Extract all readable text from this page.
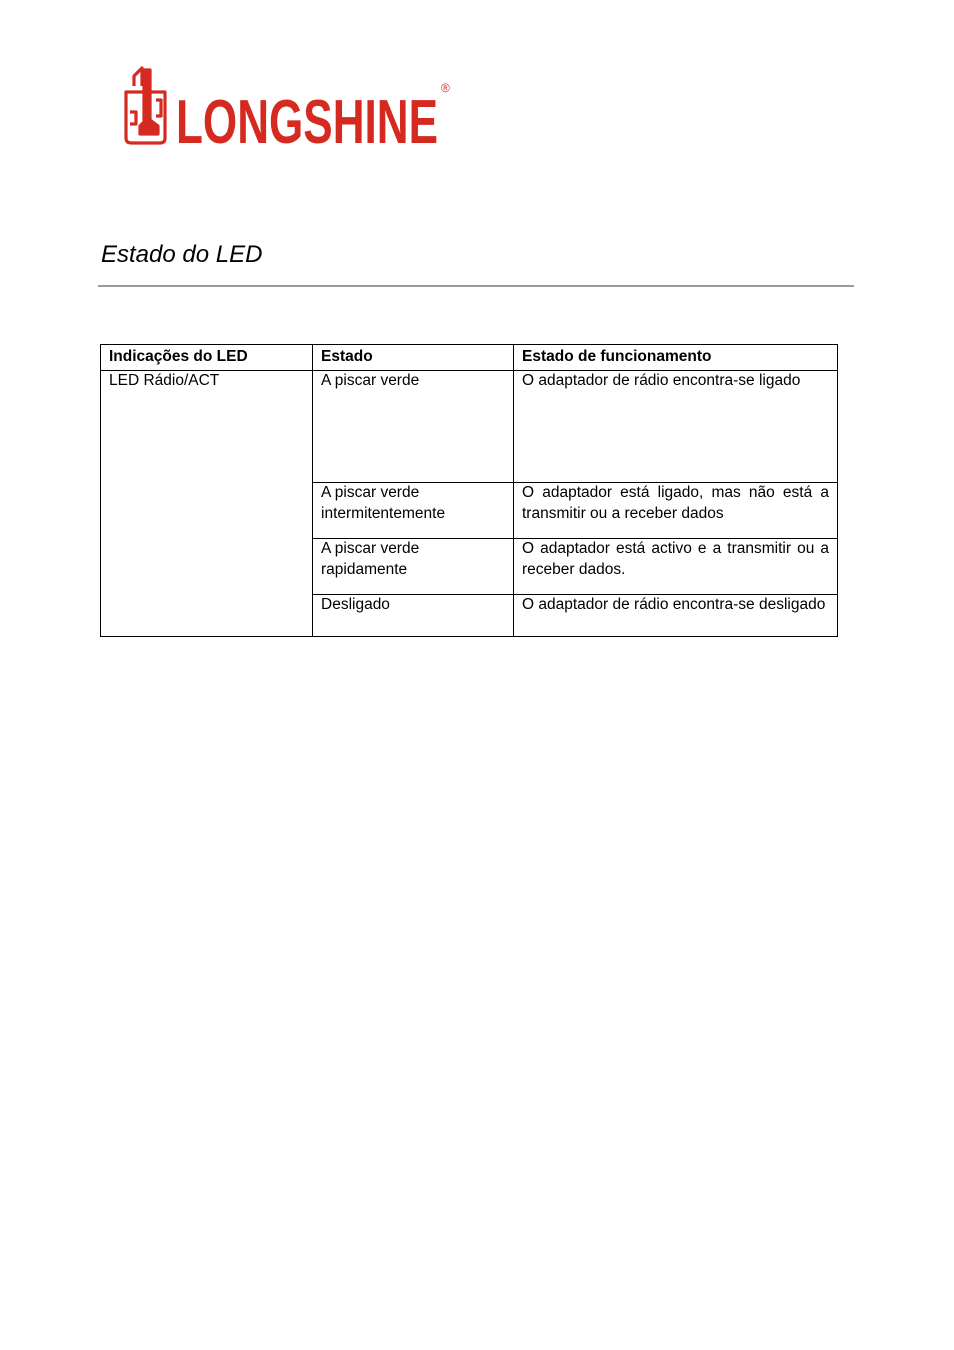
LONGSHINE ®
Estado do LED
Indicações do LED	Estado	Estado de funcionamento
LED Rádio/ACT	A piscar verde	O adaptador de rádio encontra-se ligado
	A piscar verde intermitentemente	O adaptador está ligado, mas não está a transmitir ou a receber dados
	A piscar verde rapidamente	O adaptador está activo e a transmitir ou a receber dados.
	Desligado	O adaptador de rádio encontra-se desligado
